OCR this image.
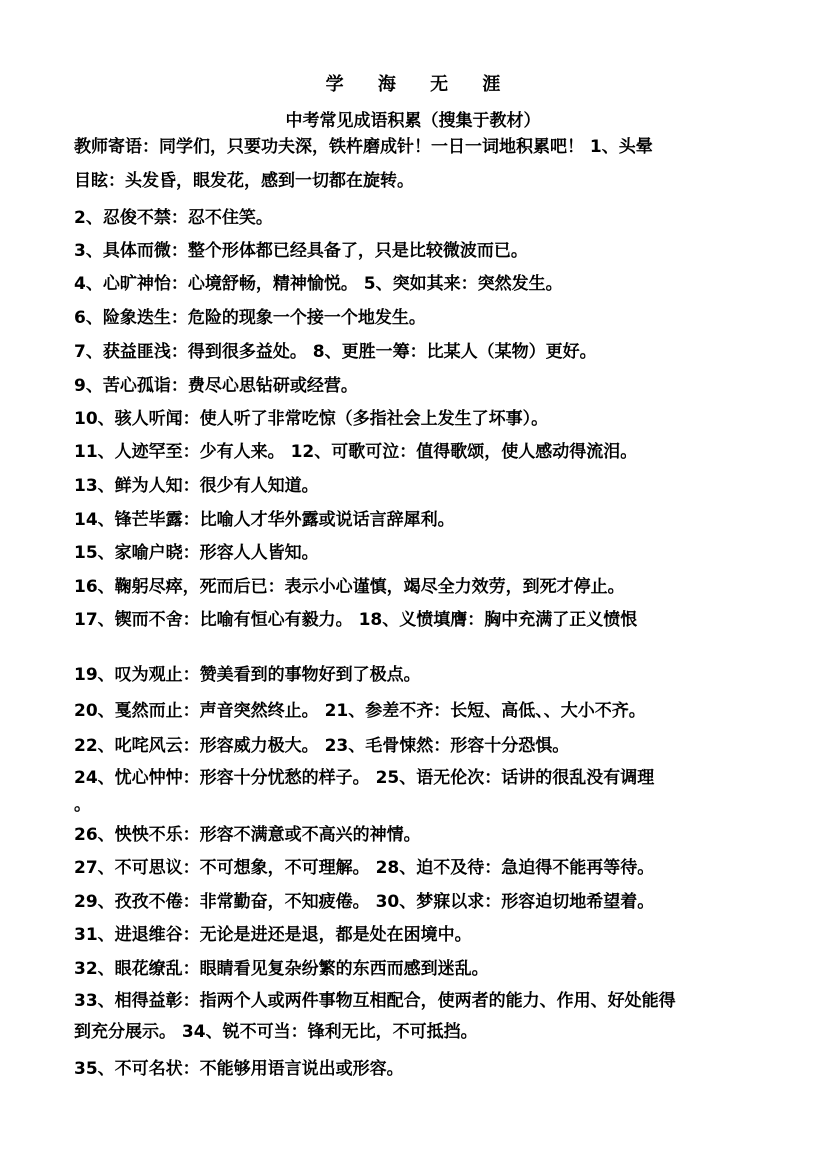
学 海 无 涯
中考常见成语积累（搜集于教材）
教师寄语：同学们，只要功夫深，铁杵磨成针！一日一词地积累吧！ 1、头晕
目眩：头发昏，眼发花，感到一切都在旋转。
2、忍俊不禁：忍不住笑。
3、具体而微：整个形体都已经具备了，只是比较微波而已。
4、心旷神怡：心境舒畅，精神愉悦。 5、突如其来：突然发生。
6、险象迭生：危险的现象一个接一个地发生。
7、获益匪浅：得到很多益处。 8、更胜一筹：比某人（某物）更好。
9、苦心孤诣：费尽心思钻研或经营。
10、骇人听闻：使人听了非常吃惊（多指社会上发生了坏事）。
11、人迹罕至：少有人来。 12、可歌可泣：值得歌颂，使人感动得流泪。
13、鲜为人知：很少有人知道。
14、锋芒毕露：比喻人才华外露或说话言辞犀利。
15、家喻户晓：形容人人皆知。
16、鞠躬尽瘁，死而后已：表示小心谨慎，竭尽全力效劳，到死才停止。
17、锲而不舍：比喻有恒心有毅力。 18、义愤填膺：胸中充满了正义愤恨
19、叹为观止：赞美看到的事物好到了极点。
20、戛然而止：声音突然终止。 21、参差不齐：长短、高低、、大小不齐。
22、叱咤风云：形容威力极大。 23、毛骨悚然：形容十分恐惧。
24、忧心忡忡：形容十分忧愁的样子。 25、语无伦次：话讲的很乱没有调理
。
26、怏怏不乐：形容不满意或不高兴的神情。
27、不可思议：不可想象，不可理解。 28、迫不及待：急迫得不能再等待。
29、孜孜不倦：非常勤奋，不知疲倦。 30、梦寐以求：形容迫切地希望着。
31、进退维谷：无论是进还是退，都是处在困境中。
32、眼花缭乱：眼睛看见复杂纷繁的东西而感到迷乱。
33、相得益彰：指两个人或两件事物互相配合，使两者的能力、作用、好处能得
到充分展示。 34、锐不可当：锋利无比，不可抵挡。
35、不可名状：不能够用语言说出或形容。
